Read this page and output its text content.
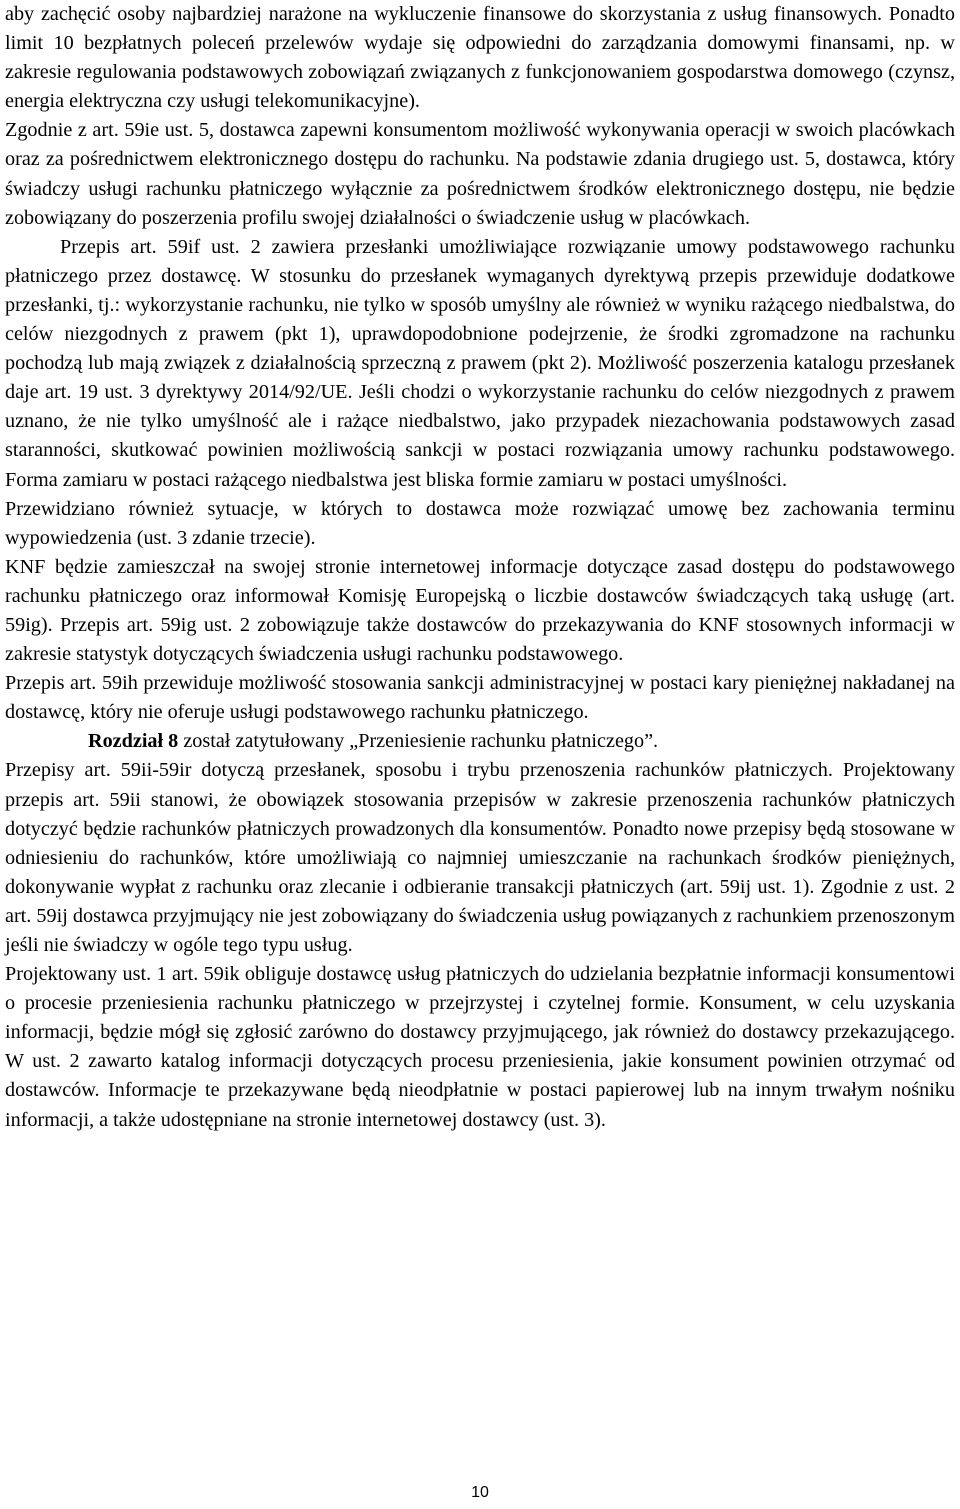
aby zachęcić osoby najbardziej narażone na wykluczenie finansowe do skorzystania z usług finansowych. Ponadto limit 10 bezpłatnych poleceń przelewów wydaje się odpowiedni do zarządzania domowymi finansami, np. w zakresie regulowania podstawowych zobowiązań związanych z funkcjonowaniem gospodarstwa domowego (czynsz, energia elektryczna czy usługi telekomunikacyjne).

Zgodnie z art. 59ie ust. 5, dostawca zapewni konsumentom możliwość wykonywania operacji w swoich placówkach oraz za pośrednictwem elektronicznego dostępu do rachunku. Na podstawie zdania drugiego ust. 5, dostawca, który świadczy usługi rachunku płatniczego wyłącznie za pośrednictwem środków elektronicznego dostępu, nie będzie zobowiązany do poszerzenia profilu swojej działalności o świadczenie usług w placówkach.

Przepis art. 59if ust. 2 zawiera przesłanki umożliwiające rozwiązanie umowy podstawowego rachunku płatniczego przez dostawcę. W stosunku do przesłanek wymaganych dyrektywą przepis przewiduje dodatkowe przesłanki, tj.: wykorzystanie rachunku, nie tylko w sposób umyślny ale również w wyniku rażącego niedbalstwa, do celów niezgodnych z prawem (pkt 1), uprawdopodobnione podejrzenie, że środki zgromadzone na rachunku pochodzą lub mają związek z działalnością sprzeczną z prawem (pkt 2). Możliwość poszerzenia katalogu przesłanek daje art. 19 ust. 3 dyrektywy 2014/92/UE. Jeśli chodzi o wykorzystanie rachunku do celów niezgodnych z prawem uznano, że nie tylko umyślność ale i rażące niedbalstwo, jako przypadek niezachowania podstawowych zasad staranności, skutkować powinien możliwością sankcji w postaci rozwiązania umowy rachunku podstawowego. Forma zamiaru w postaci rażącego niedbalstwa jest bliska formie zamiaru w postaci umyślności.

Przewidziano również sytuacje, w których to dostawca może rozwiązać umowę bez zachowania terminu wypowiedzenia (ust. 3 zdanie trzecie).

KNF będzie zamieszczał na swojej stronie internetowej informacje dotyczące zasad dostępu do podstawowego rachunku płatniczego oraz informował Komisję Europejską o liczbie dostawców świadczących taką usługę (art. 59ig). Przepis art. 59ig ust. 2 zobowiązuje także dostawców do przekazywania do KNF stosownych informacji w zakresie statystyk dotyczących świadczenia usługi rachunku podstawowego.

Przepis art. 59ih przewiduje możliwość stosowania sankcji administracyjnej w postaci kary pieniężnej nakładanej na dostawcę, który nie oferuje usługi podstawowego rachunku płatniczego.

Rozdział 8 został zatytułowany „Przeniesienie rachunku płatniczego”.

Przepisy art. 59ii-59ir dotyczą przesłanek, sposobu i trybu przenoszenia rachunków płatniczych. Projektowany przepis art. 59ii stanowi, że obowiązek stosowania przepisów w zakresie przenoszenia rachunków płatniczych dotyczyć będzie rachunków płatniczych prowadzonych dla konsumentów. Ponadto nowe przepisy będą stosowane w odniesieniu do rachunków, które umożliwiają co najmniej umieszczanie na rachunkach środków pieniężnych, dokonywanie wypłat z rachunku oraz zlecanie i odbieranie transakcji płatniczych (art. 59ij ust. 1). Zgodnie z ust. 2 art. 59ij dostawca przyjmujący nie jest zobowiązany do świadczenia usług powiązanych z rachunkiem przenoszonym jeśli nie świadczy w ogóle tego typu usług.

Projektowany ust. 1 art. 59ik obliguje dostawcę usług płatniczych do udzielania bezpłatnie informacji konsumentowi o procesie przeniesienia rachunku płatniczego w przejrzystej i czytelnej formie. Konsument, w celu uzyskania informacji, będzie mógł się zgłosić zarówno do dostawcy przyjmującego, jak również do dostawcy przekazującego. W ust. 2 zawarto katalog informacji dotyczących procesu przeniesienia, jakie konsument powinien otrzymać od dostawców. Informacje te przekazywane będą nieodpłatnie w postaci papierowej lub na innym trwałym nośniku informacji, a także udostępniane na stronie internetowej dostawcy (ust. 3).

10
